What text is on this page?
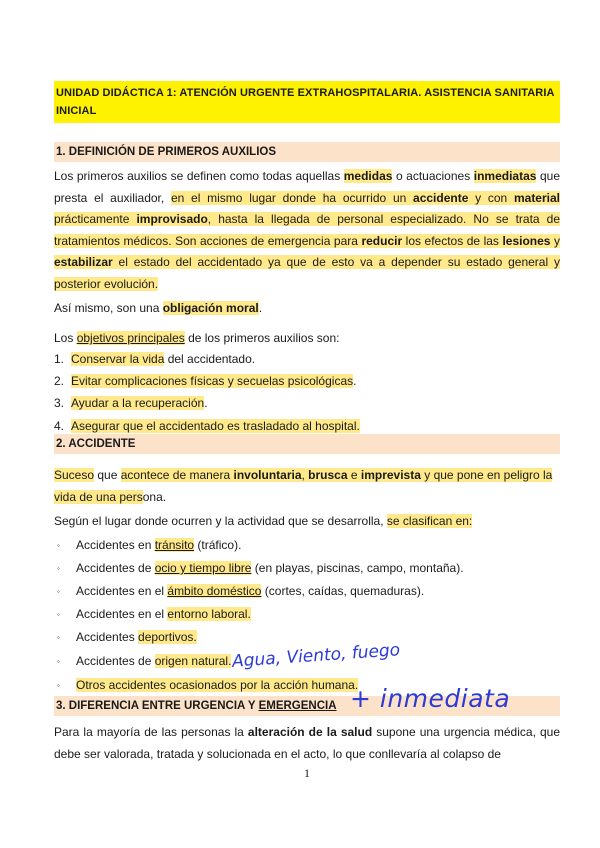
UNIDAD DIDÁCTICA 1: ATENCIÓN URGENTE EXTRAHOSPITALARIA. ASISTENCIA SANITARIA INICIAL

1. DEFINICIÓN DE PRIMEROS AUXILIOS

Los primeros auxilios se definen como todas aquellas medidas o actuaciones inmediatas que presta el auxiliador, en el mismo lugar donde ha ocurrido un accidente y con material prácticamente improvisado, hasta la llegada de personal especializado. No se trata de tratamientos médicos. Son acciones de emergencia para reducir los efectos de las lesiones y estabilizar el estado del accidentado ya que de esto va a depender su estado general y posterior evolución.

Así mismo, son una obligación moral.
Los objetivos principales de los primeros auxilios son:
1. Conservar la vida del accidentado.
2. Evitar complicaciones físicas y secuelas psicológicas.
3. Ayudar a la recuperación.
4. Asegurar que el accidentado es trasladado al hospital.
2. ACCIDENTE

Suceso que acontece de manera involuntaria, brusca e imprevista y que pone en peligro la vida de una persona.

Según el lugar donde ocurren y la actividad que se desarrolla, se clasifican en:
◦ Accidentes en tránsito (tráfico).
◦ Accidentes de ocio y tiempo libre (en playas, piscinas, campo, montaña).
◦ Accidentes en el ámbito doméstico (cortes, caídas, quemaduras).
◦ Accidentes en el entorno laboral.
◦ Accidentes deportivos.
◦ Accidentes de origen natural.
◦ Otros accidentes ocasionados por la acción humana.
Agua, Viento, fuego
3. DIFERENCIA ENTRE URGENCIA Y EMERGENCIA + inmediata

Para la mayoría de las personas la alteración de la salud supone una urgencia médica, que debe ser valorada, tratada y solucionada en el acto, lo que conllevaría al colapso de

1
